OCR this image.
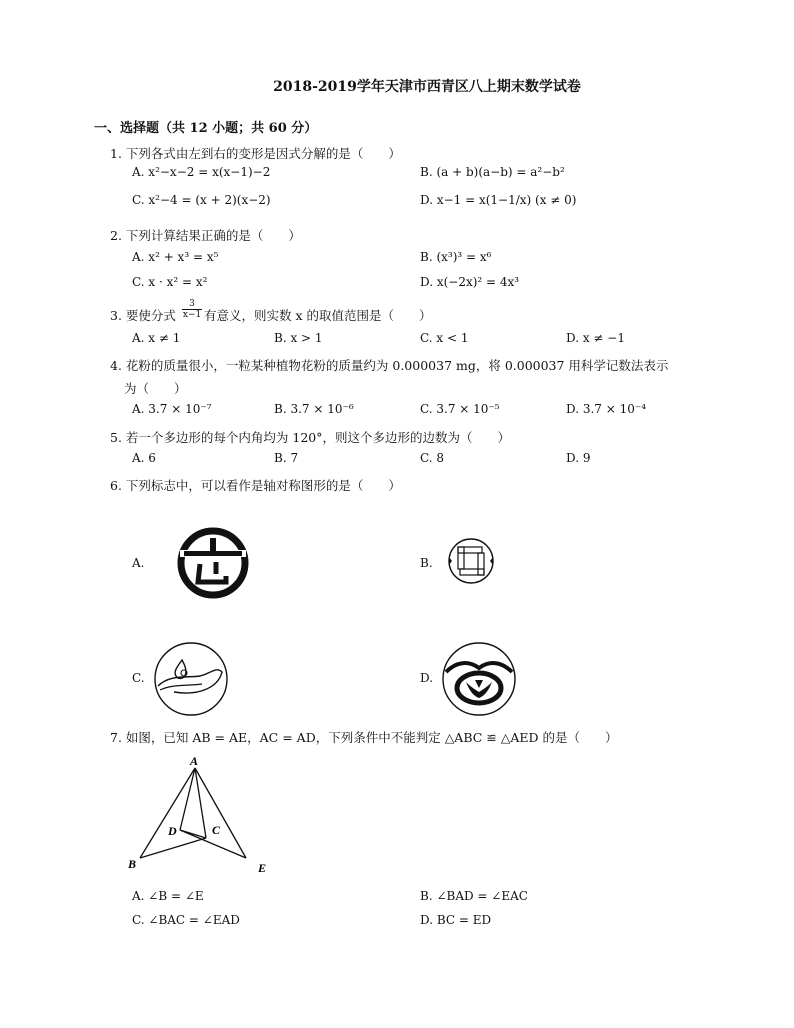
2018-2019学年天津市西青区八上期末数学试卷
一、选择题（共 12 小题；共 60 分）
1. 下列各式由左到右的变形是因式分解的是（　　）
A. x²−x−2 = x(x−1)−2	B. (a + b)(a−b) = a²−b²
C. x²−4 = (x + 2)(x−2)	D. x−1 = x(1−1/x) (x ≠ 0)
2. 下列计算结果正确的是（　　）
A. x² + x³ = x⁵	B. (x³)³ = x⁶
C. x · x² = x²	D. x(−2x)² = 4x³
3. 要使分式 $\frac{3}{x-1}$ 有意义，则实数 x 的取值范围是（　　）
A. x ≠ 1	B. x > 1	C. x < 1	D. x ≠ −1
4. 花粉的质量很小，一粒某种植物花粉的质量约为 0.000037 mg，将 0.000037 用科学记数法表示
为（　　）
A. 3.7 × 10⁻⁷	B. 3.7 × 10⁻⁶	C. 3.7 × 10⁻⁵	D. 3.7 × 10⁻⁴
5. 若一个多边形的每个内角均为 120°，则这个多边形的边数为（　　）
A. 6	B. 7	C. 8	D. 9
6. 下列标志中，可以看作是轴对称图形的是（　　）
A.	B.
C.	D.
7. 如图，已知 AB = AE，AC = AD，下列条件中不能判定 △ABC ≌ △AED 的是（　　）
A
B
C
D
E
A. ∠B = ∠E	B. ∠BAD = ∠EAC
C. ∠BAC = ∠EAD	D. BC = ED
